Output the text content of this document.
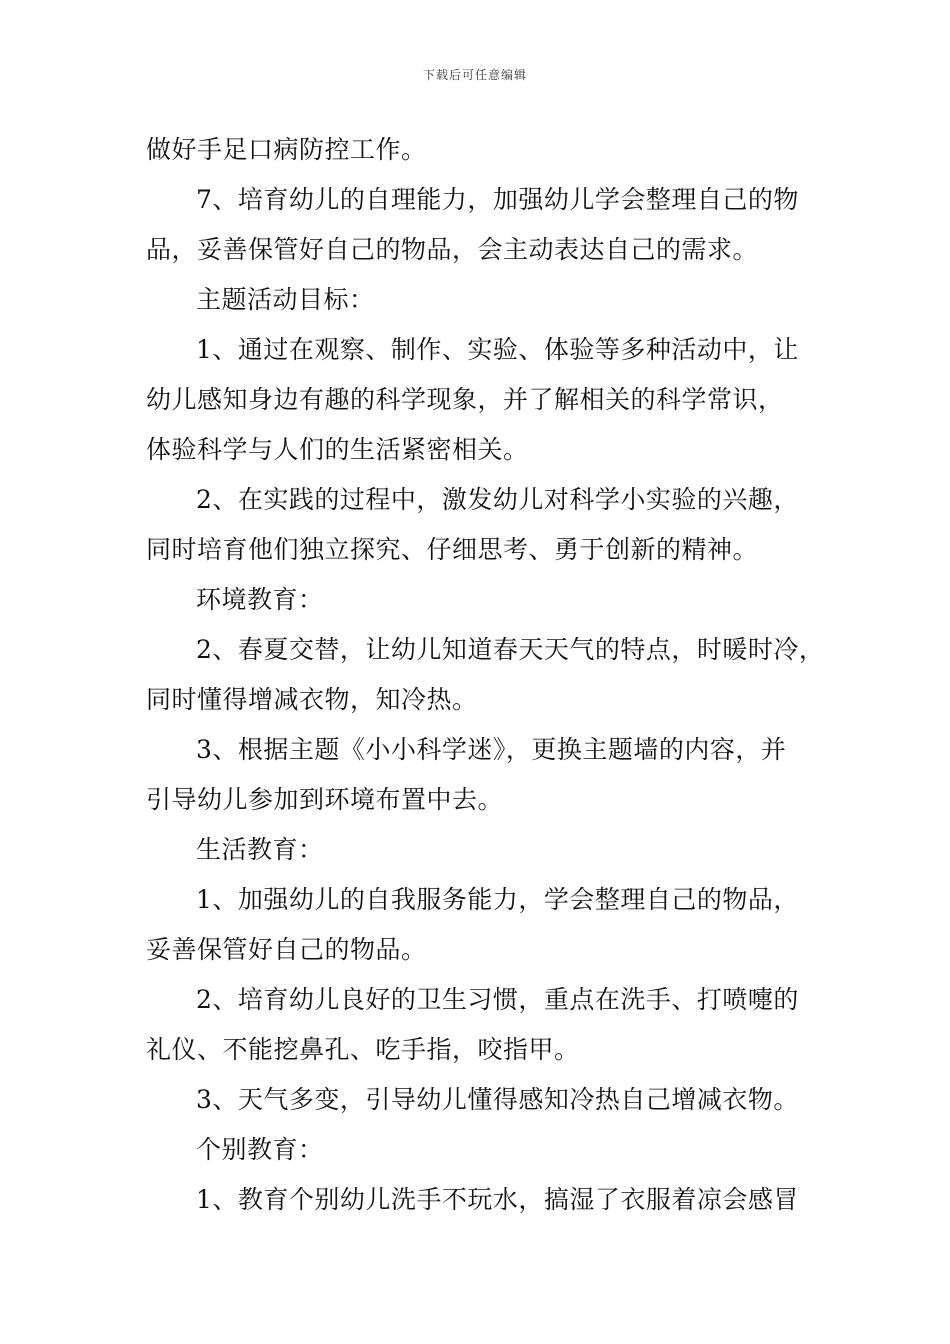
下载后可任意编辑
做好手足口病防控工作。
7、培育幼儿的自理能力，加强幼儿学会整理自己的物
品，妥善保管好自己的物品，会主动表达自己的需求。
主题活动目标：
1、通过在观察、制作、实验、体验等多种活动中，让
幼儿感知身边有趣的科学现象，并了解相关的科学常识，
体验科学与人们的生活紧密相关。
2、在实践的过程中，激发幼儿对科学小实验的兴趣，
同时培育他们独立探究、仔细思考、勇于创新的精神。
环境教育：
2、春夏交替，让幼儿知道春天天气的特点，时暖时冷，
同时懂得增减衣物，知冷热。
3、根据主题《小小科学迷》，更换主题墙的内容，并
引导幼儿参加到环境布置中去。
生活教育：
1、加强幼儿的自我服务能力，学会整理自己的物品，
妥善保管好自己的物品。
2、培育幼儿良好的卫生习惯，重点在洗手、打喷嚏的
礼仪、不能挖鼻孔、吃手指，咬指甲。
3、天气多变，引导幼儿懂得感知冷热自己增减衣物。
个别教育：
1、教育个别幼儿洗手不玩水，搞湿了衣服着凉会感冒
